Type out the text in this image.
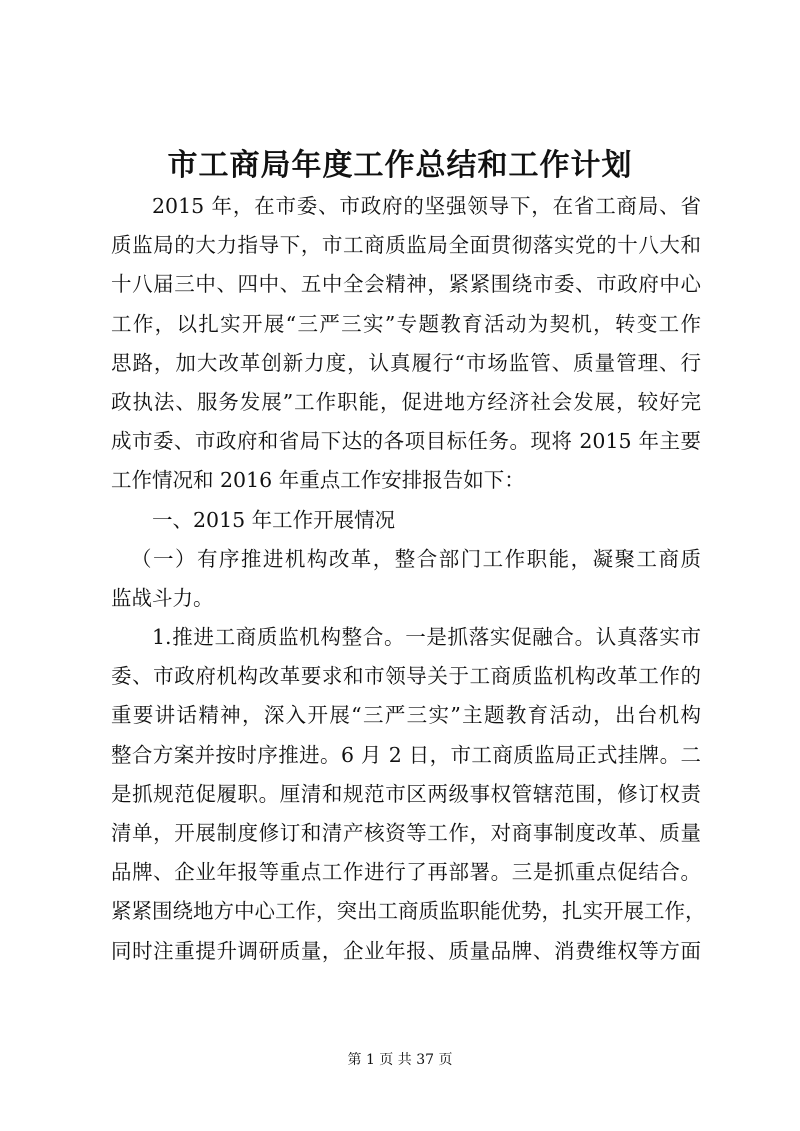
市工商局年度工作总结和工作计划
2015 年，在市委、市政府的坚强领导下，在省工商局、省
质监局的大力指导下，市工商质监局全面贯彻落实党的十八大和
十八届三中、四中、五中全会精神，紧紧围绕市委、市政府中心
工作，以扎实开展“三严三实”专题教育活动为契机，转变工作
思路，加大改革创新力度，认真履行“市场监管、质量管理、行
政执法、服务发展”工作职能，促进地方经济社会发展，较好完
成市委、市政府和省局下达的各项目标任务。现将 2015 年主要
工作情况和 2016 年重点工作安排报告如下：
一、2015 年工作开展情况
（一）有序推进机构改革，整合部门工作职能，凝聚工商质
监战斗力。
1.推进工商质监机构整合。一是抓落实促融合。认真落实市
委、市政府机构改革要求和市领导关于工商质监机构改革工作的
重要讲话精神，深入开展“三严三实”主题教育活动，出台机构
整合方案并按时序推进。6 月 2 日，市工商质监局正式挂牌。二
是抓规范促履职。厘清和规范市区两级事权管辖范围，修订权责
清单，开展制度修订和清产核资等工作，对商事制度改革、质量
品牌、企业年报等重点工作进行了再部署。三是抓重点促结合。
紧紧围绕地方中心工作，突出工商质监职能优势，扎实开展工作，
同时注重提升调研质量，企业年报、质量品牌、消费维权等方面
第 1 页 共 37 页
